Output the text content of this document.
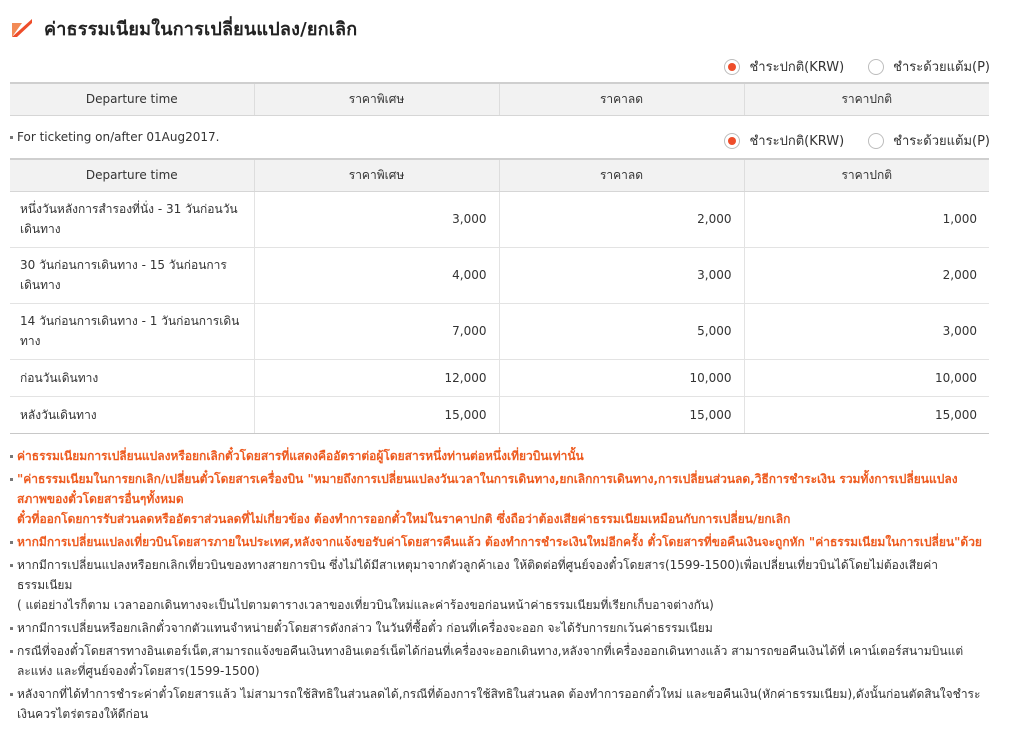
ค่าธรรมเนียมในการเปลี่ยนแปลง/ยกเลิก
ชำระปกติ(KRW)	ชำระด้วยแต้ม(P)
Departure time	ราคาพิเศษ	ราคาลด	ราคาปกติ
For ticketing on/after 01Aug2017.	ชำระปกติ(KRW)	ชำระด้วยแต้ม(P)
Departure time	ราคาพิเศษ	ราคาลด	ราคาปกติ

หนึ่งวันหลังการสำรองที่นั่ง - 31 วันก่อนวัน
เดินทาง	3,000	2,000	1,000

30 วันก่อนการเดินทาง - 15 วันก่อนการ
เดินทาง	4,000	3,000	2,000

14 วันก่อนการเดินทาง - 1 วันก่อนการเดิน
ทาง	7,000	5,000	3,000
ก่อนวันเดินทาง	12,000	10,000	10,000
หลังวันเดินทาง	15,000	15,000	15,000
ค่าธรรมเนียมการเปลี่ยนแปลงหรือยกเลิกตั๋วโดยสารที่แสดงคืออัตราต่อผู้โดยสารหนึ่งท่านต่อหนึ่งเที่ยวบินเท่านั้น
"ค่าธรรมเนียมในการยกเลิก/เปลี่ยนตั๋วโดยสารเครื่องบิน "หมายถึงการเปลี่ยนแปลงวันเวลาในการเดินทาง,ยกเลิกการเดินทาง,การเปลี่ยนส่วนลด,วิธีการชำระเงิน รวมทั้งการเปลี่ยนแปลง
สภาพของตั๋วโดยสารอื่นๆทั้งหมด
ตั๋วที่ออกโดยการรับส่วนลดหรืออัตราส่วนลดที่ไม่เกี่ยวข้อง ต้องทำการออกตั๋วใหม่ในราคาปกติ ซึ่งถือว่าต้องเสียค่าธรรมเนียมเหมือนกับการเปลี่ยน/ยกเลิก
หากมีการเปลี่ยนแปลงเที่ยวบินโดยสารภายในประเทศ,หลังจากแจ้งขอรับค่าโดยสารคืนแล้ว ต้องทำการชำระเงินใหม่อีกครั้ง ตั๋วโดยสารที่ขอคืนเงินจะถูกหัก "ค่าธรรมเนียมในการเปลี่ยน"ด้วย
หากมีการเปลี่ยนแปลงหรือยกเลิกเที่ยวบินของทางสายการบิน ซึ่งไม่ได้มีสาเหตุมาจากตัวลูกค้าเอง ให้ติดต่อที่ศูนย์จองตั๋วโดยสาร(1599-1500)เพื่อเปลี่ยนเที่ยวบินได้โดยไม่ต้องเสียค่า
ธรรมเนียม
( แต่อย่างไรก็ตาม เวลาออกเดินทางจะเป็นไปตามตารางเวลาของเที่ยวบินใหม่และค่าร้องขอก่อนหน้าค่าธรรมเนียมที่เรียกเก็บอาจต่างกัน)
หากมีการเปลี่ยนหรือยกเลิกตั๋วจากตัวแทนจำหน่ายตั๋วโดยสารดังกล่าว ในวันที่ซื้อตั๋ว ก่อนที่เครื่องจะออก จะได้รับการยกเว้นค่าธรรมเนียม
กรณีที่จองตั๋วโดยสารทางอินเตอร์เน็ต,สามารถแจ้งขอคืนเงินทางอินเตอร์เน็ตได้ก่อนที่เครื่องจะออกเดินทาง,หลังจากที่เครื่องออกเดินทางแล้ว สามารถขอคืนเงินได้ที่ เคาน์เตอร์สนามบินแต่
ละแห่ง และที่ศูนย์จองตั๋วโดยสาร(1599-1500)
หลังจากที่ได้ทำการชำระค่าตั๋วโดยสารแล้ว ไม่สามารถใช้สิทธิในส่วนลดได้,กรณีที่ต้องการใช้สิทธิในส่วนลด ต้องทำการออกตั๋วใหม่ และขอคืนเงิน(หักค่าธรรมเนียม),ดังนั้นก่อนตัดสินใจชำระ
เงินควรไตร่ตรองให้ดีก่อน
